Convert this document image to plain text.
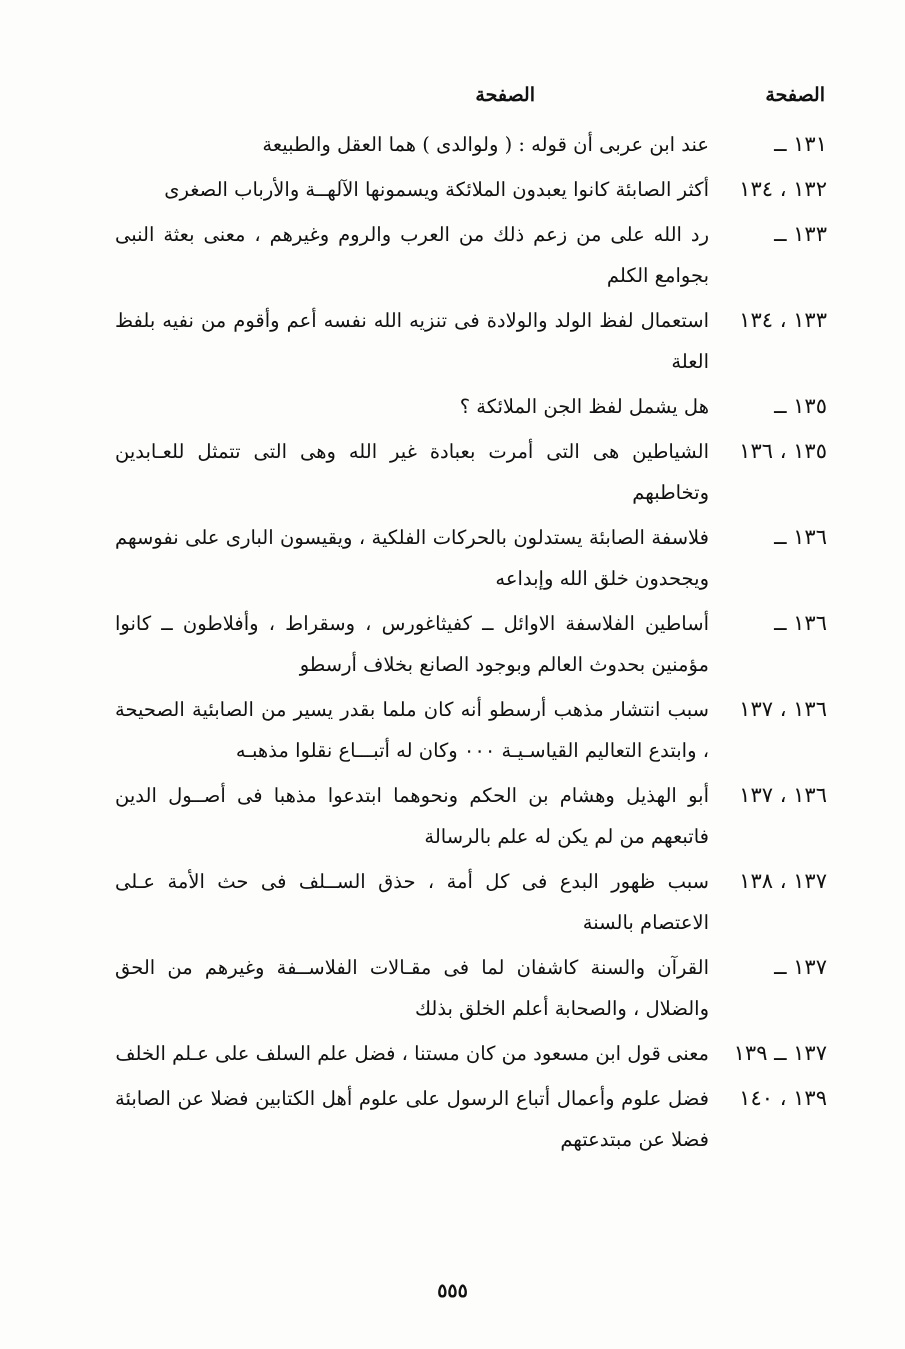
الصفحة
الصفحة
١٣١ ــ
عند ابن عربى أن قوله : ( ولوالدى ) هما العقل والطبيعة
١٣٢ ، ١٣٤
أكثر الصابئة كانوا يعبدون الملائكة ويسمونها الآلهــة والأرباب الصغرى
١٣٣ ــ
رد الله على من زعم ذلك من العرب والروم وغيرهم ، معنى بعثة النبى بجوامع الكلم
١٣٣ ، ١٣٤
استعمال لفظ الولد والولادة فى تنزيه الله نفسه أعم وأقوم من نفيه بلفظ العلة
١٣٥ ــ
هل يشمل لفظ الجن الملائكة ؟
١٣٥ ، ١٣٦
الشياطين هى التى أمرت بعبادة غير الله وهى التى تتمثل للعـابدين وتخاطبهم
١٣٦ ــ
فلاسفة الصابئة يستدلون بالحركات الفلكية ، ويقيسون البارى على نفوسهم ويجحدون خلق الله وإبداعه
١٣٦ ــ
أساطين الفلاسفة الاوائل ــ كفيثاغورس ، وسقراط ، وأفلاطون ــ كانوا مؤمنين بحدوث العالم وبوجود الصانع بخلاف أرسطو
١٣٦ ، ١٣٧
سبب انتشار مذهب أرسطو أنه كان ملما بقدر يسير من الصابئية الصحيحة ، وابتدع التعاليم القياسـيـة ٠٠٠ وكان له أتبـــاع نقلوا مذهبـه
١٣٦ ، ١٣٧
أبو الهذيل وهشام بن الحكم ونحوهما ابتدعوا مذهبا فى أصــول الدين فاتبعهم من لم يكن له علم بالرسالة
١٣٧ ، ١٣٨
سبب ظهور البدع فى كل أمة ، حذق الســلف فى حث الأمة عـلى الاعتصام بالسنة
١٣٧ ــ
القرآن والسنة كاشفان لما فى مقـالات الفلاســفة وغيرهم من الحق والضلال ، والصحابة أعلم الخلق بذلك
١٣٧ ــ ١٣٩
معنى قول ابن مسعود من كان مستنا ، فضل علم السلف على عـلم الخلف
١٣٩ ، ١٤٠
فضل علوم وأعمال أتباع الرسول على علوم أهل الكتابين فضلا عن الصابئة فضلا عن مبتدعتهم
٥٥٥
